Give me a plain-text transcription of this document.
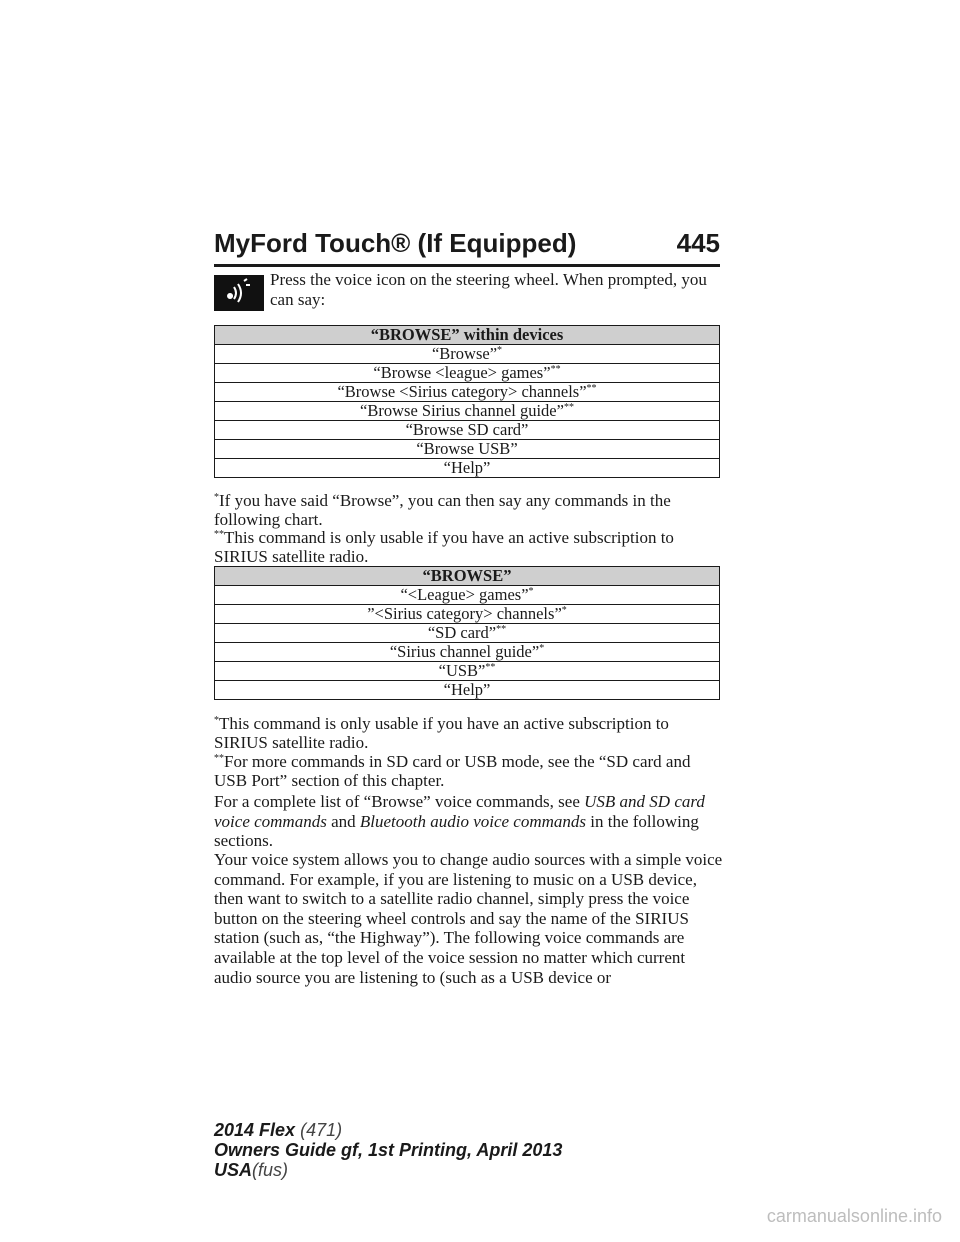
MyFord Touch® (If Equipped)	445

Press the voice icon on the steering wheel. When prompted, you can say:

“BROWSE” within devices
“Browse”*
“Browse <league> games”**
“Browse <Sirius category> channels”**
“Browse Sirius channel guide”**
“Browse SD card”
“Browse USB”
“Help”

*If you have said “Browse”, you can then say any commands in the following chart.

**This command is only usable if you have an active subscription to SIRIUS satellite radio.

“BROWSE”
“<League> games”*
”<Sirius category> channels”*
“SD card”**
“Sirius channel guide”*
“USB”**
“Help”

*This command is only usable if you have an active subscription to SIRIUS satellite radio.

**For more commands in SD card or USB mode, see the “SD card and USB Port” section of this chapter.

For a complete list of “Browse” voice commands, see USB and SD card voice commands and Bluetooth audio voice commands in the following sections.

Your voice system allows you to change audio sources with a simple voice command. For example, if you are listening to music on a USB device, then want to switch to a satellite radio channel, simply press the voice button on the steering wheel controls and say the name of the SIRIUS station (such as, “the Highway”). The following voice commands are available at the top level of the voice session no matter which current audio source you are listening to (such as a USB device or

2014 Flex (471)
Owners Guide gf, 1st Printing, April 2013
USA(fus)
carmanualsonline.info
